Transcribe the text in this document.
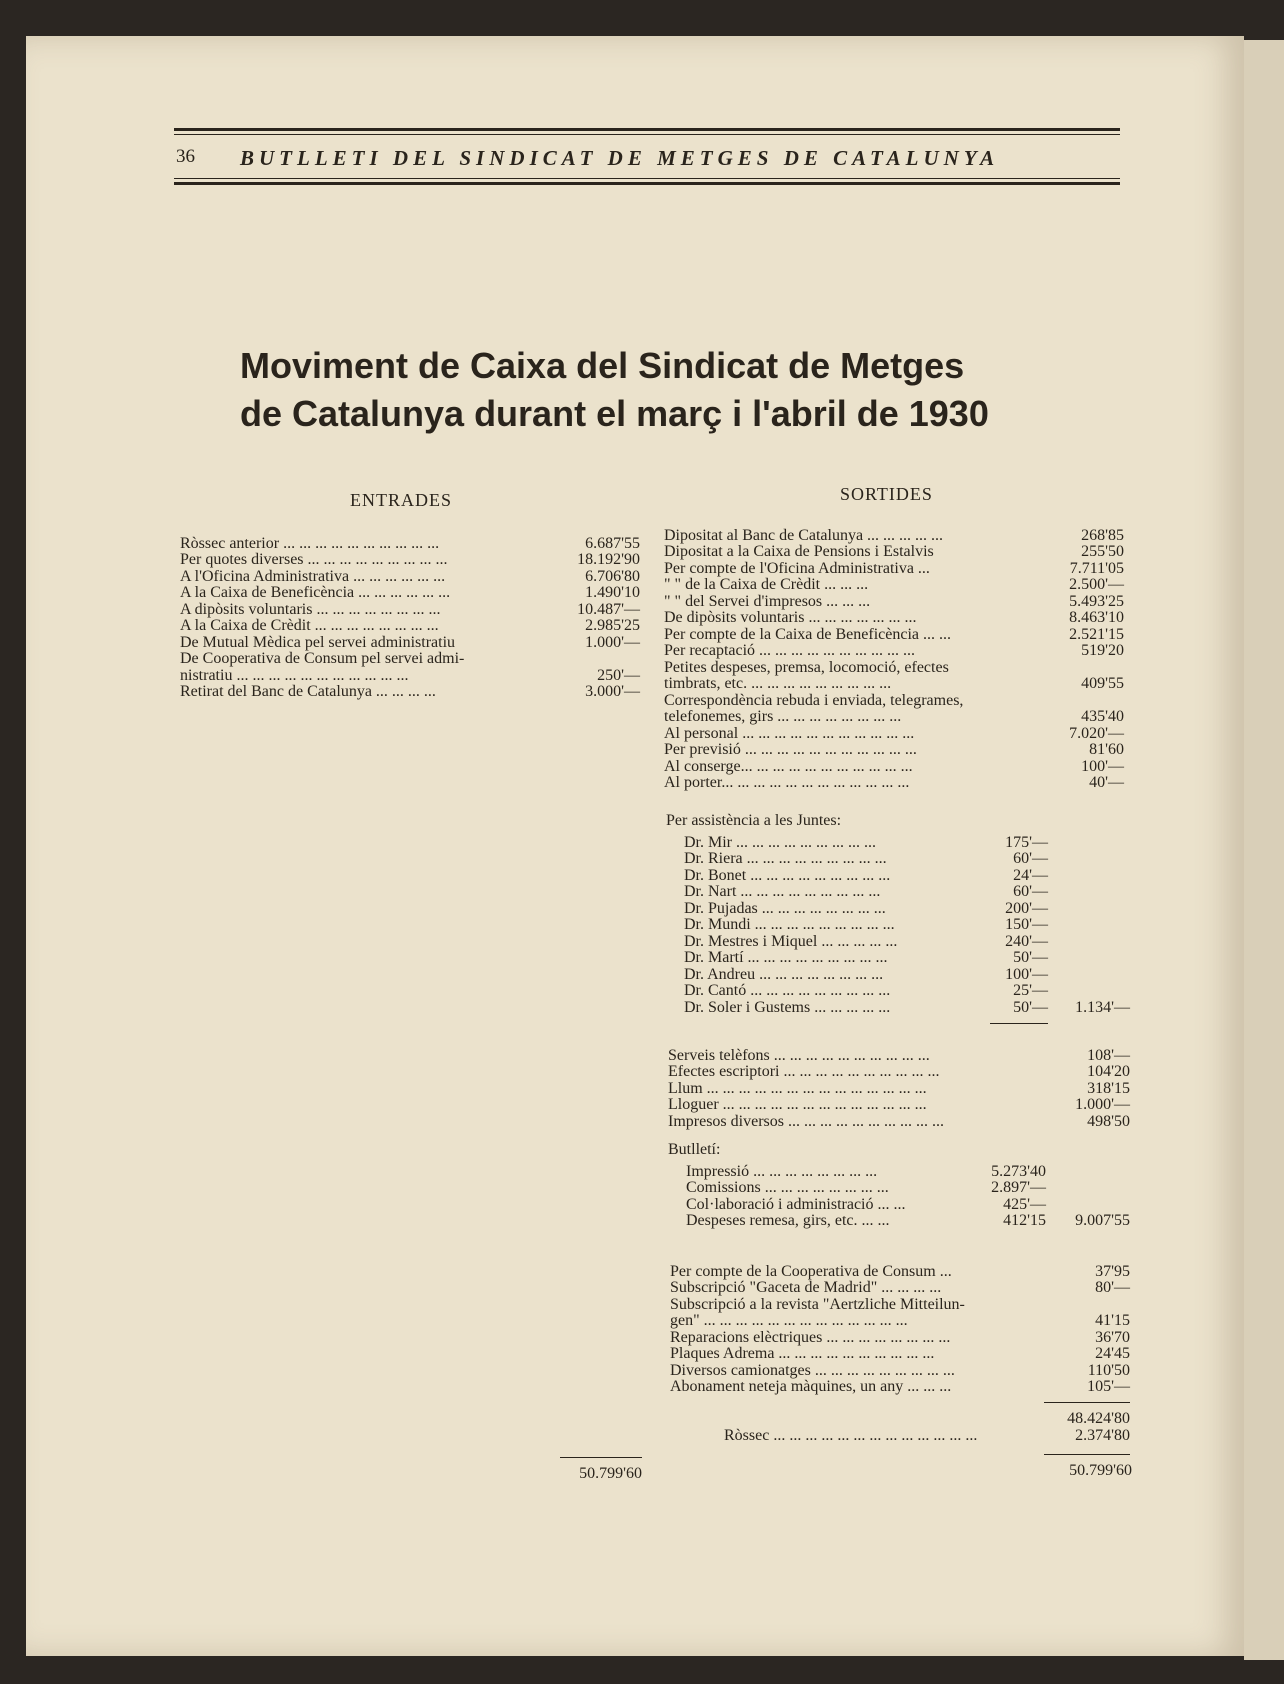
36 BUTLLETI DEL SINDICAT DE METGES DE CATALUNYA
Moviment de Caixa del Sindicat de Metges
de Catalunya durant el març i l'abril de 1930
ENTRADES	SORTIDES
Ròssec anterior ... ... ... ... ... ... ... ... ... ...	6.687'55
Per quotes diverses ... ... ... ... ... ... ... ... ...	18.192'90
A l'Oficina Administrativa ... ... ... ... ... ...	6.706'80
A la Caixa de Beneficència ... ... ... ... ... ...	1.490'10
A dipòsits voluntaris ... ... ... ... ... ... ... ...	10.487'—
A la Caixa de Crèdit ... ... ... ... ... ... ... ...	2.985'25
De Mutual Mèdica pel servei administratiu	1.000'—
De Cooperativa de Consum pel servei admi-
nistratiu ... ... ... ... ... ... ... ... ... ... ...	250'—
Retirat del Banc de Catalunya ... ... ... ...	3.000'—
50.799'60
Dipositat al Banc de Catalunya ... ... ... ... ...	268'85
Dipositat a la Caixa de Pensions i Estalvis	255'50
Per compte de l'Oficina Administrativa ...	7.711'05
" " de la Caixa de Crèdit ... ... ...	2.500'—
" " del Servei d'impresos ... ... ...	5.493'25
De dipòsits voluntaris ... ... ... ... ... ... ...	8.463'10
Per compte de la Caixa de Beneficència ... ...	2.521'15
Per recaptació ... ... ... ... ... ... ... ... ... ...	519'20
Petites despeses, premsa, locomoció, efectes
timbrats, etc. ... ... ... ... ... ... ... ... ...	409'55
Correspondència rebuda i enviada, telegrames,
telefonemes, girs ... ... ... ... ... ... ... ...	435'40
Al personal ... ... ... ... ... ... ... ... ... ... ...	7.020'—
Per previsió ... ... ... ... ... ... ... ... ... ... ...	81'60
Al conserge... ... ... ... ... ... ... ... ... ... ...	100'—
Al porter... ... ... ... ... ... ... ... ... ... ... ...	40'—
Per assistència a les Juntes:
Dr. Mir ... ... ... ... ... ... ... ... ...	175'—
Dr. Riera ... ... ... ... ... ... ... ... ...	60'—
Dr. Bonet ... ... ... ... ... ... ... ... ...	24'—
Dr. Nart ... ... ... ... ... ... ... ... ...	60'—
Dr. Pujadas ... ... ... ... ... ... ... ...	200'—
Dr. Mundi ... ... ... ... ... ... ... ... ...	150'—
Dr. Mestres i Miquel ... ... ... ... ...	240'—
Dr. Martí ... ... ... ... ... ... ... ... ...	50'—
Dr. Andreu ... ... ... ... ... ... ... ...	100'—
Dr. Cantó ... ... ... ... ... ... ... ... ...	25'—
Dr. Soler i Gustems ... ... ... ... ...	50'—	1.134'—
Serveis telèfons ... ... ... ... ... ... ... ... ... ...	108'—
Efectes escriptori ... ... ... ... ... ... ... ... ... ...	104'20
Llum ... ... ... ... ... ... ... ... ... ... ... ... ... ...	318'15
Lloguer ... ... ... ... ... ... ... ... ... ... ... ... ...	1.000'—
Impresos diversos ... ... ... ... ... ... ... ... ... ...	498'50
Butlletí:
Impressió ... ... ... ... ... ... ... ...	5.273'40
Comissions ... ... ... ... ... ... ... ...	2.897'—
Col·laboració i administració ... ...	425'—
Despeses remesa, girs, etc. ... ...	412'15	9.007'55
Per compte de la Cooperativa de Consum ...	37'95
Subscripció "Gaceta de Madrid" ... ... ... ...	80'—
Subscripció a la revista "Aertzliche Mitteilun-
gen" ... ... ... ... ... ... ... ... ... ... ... ... ...	41'15
Reparacions elèctriques ... ... ... ... ... ... ... ...	36'70
Plaques Adrema ... ... ... ... ... ... ... ... ... ...	24'45
Diversos camionatges ... ... ... ... ... ... ... ... ...	110'50
Abonament neteja màquines, un any ... ... ...	105'—
48.424'80
Ròssec ... ... ... ... ... ... ... ... ... ... ... ... ...	2.374'80
50.799'60
